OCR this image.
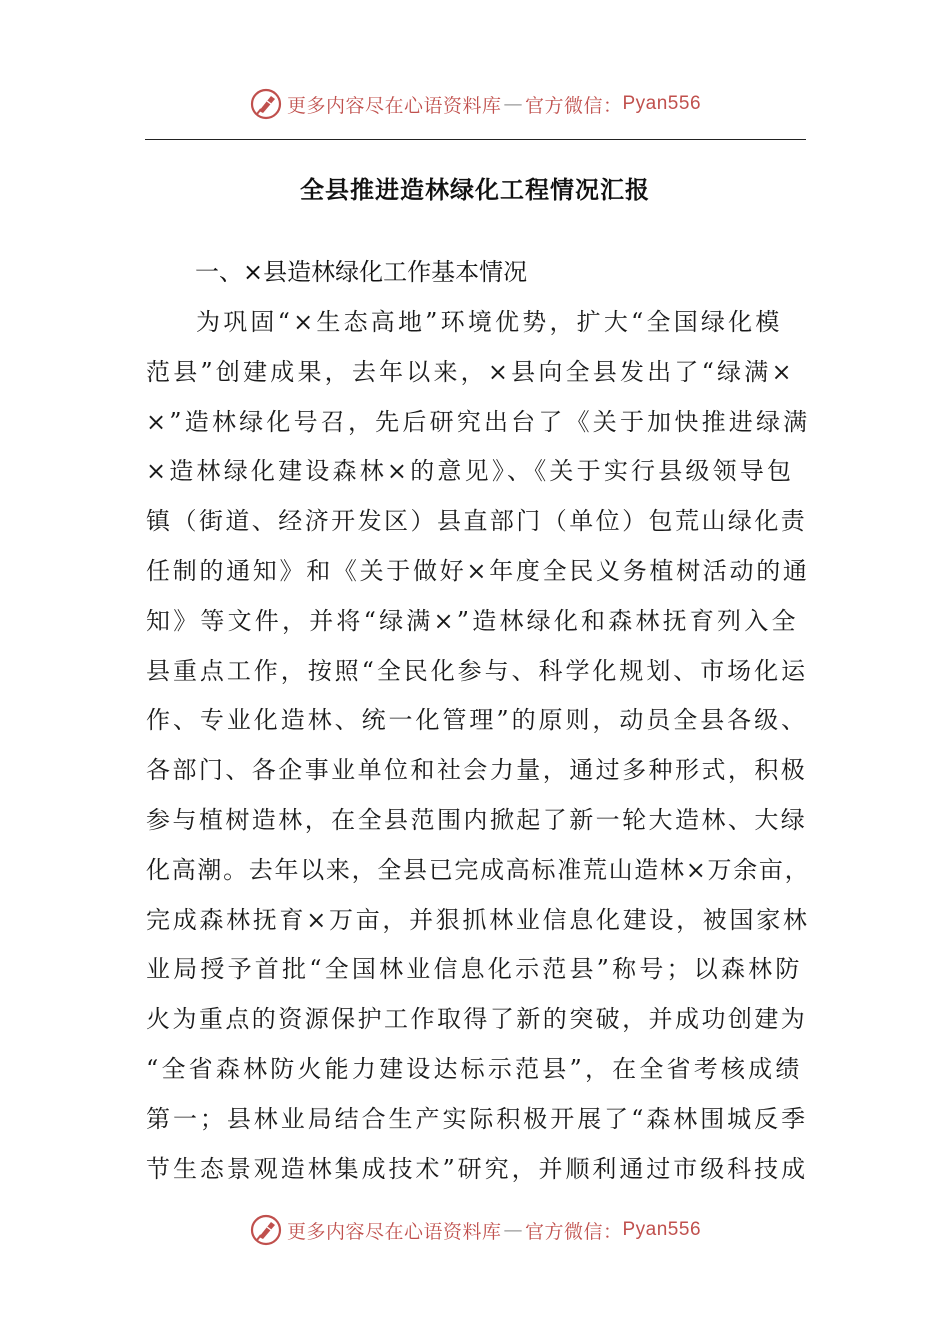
更多内容尽在心语资料库 — 官方微信： Pyan556
全县推进造林绿化工程情况汇报
一、×县造林绿化工作基本情况
为巩固“×生态高地”环境优势，扩大“全国绿化模
范县”创建成果，去年以来，×县向全县发出了“绿满×
×”造林绿化号召，先后研究出台了《关于加快推进绿满
×造林绿化建设森林×的意见》、《关于实行县级领导包
镇（街道、经济开发区）县直部门（单位）包荒山绿化责
任制的通知》和《关于做好×年度全民义务植树活动的通
知》等文件，并将“绿满×”造林绿化和森林抚育列入全
县重点工作，按照“全民化参与、科学化规划、市场化运
作、专业化造林、统一化管理”的原则，动员全县各级、
各部门、各企事业单位和社会力量，通过多种形式，积极
参与植树造林，在全县范围内掀起了新一轮大造林、大绿
化高潮。去年以来，全县已完成高标准荒山造林×万余亩，
完成森林抚育×万亩，并狠抓林业信息化建设，被国家林
业局授予首批“全国林业信息化示范县”称号；以森林防
火为重点的资源保护工作取得了新的突破，并成功创建为
“全省森林防火能力建设达标示范县”，在全省考核成绩
第一；县林业局结合生产实际积极开展了“森林围城反季
节生态景观造林集成技术”研究，并顺利通过市级科技成
更多内容尽在心语资料库 — 官方微信： Pyan556
